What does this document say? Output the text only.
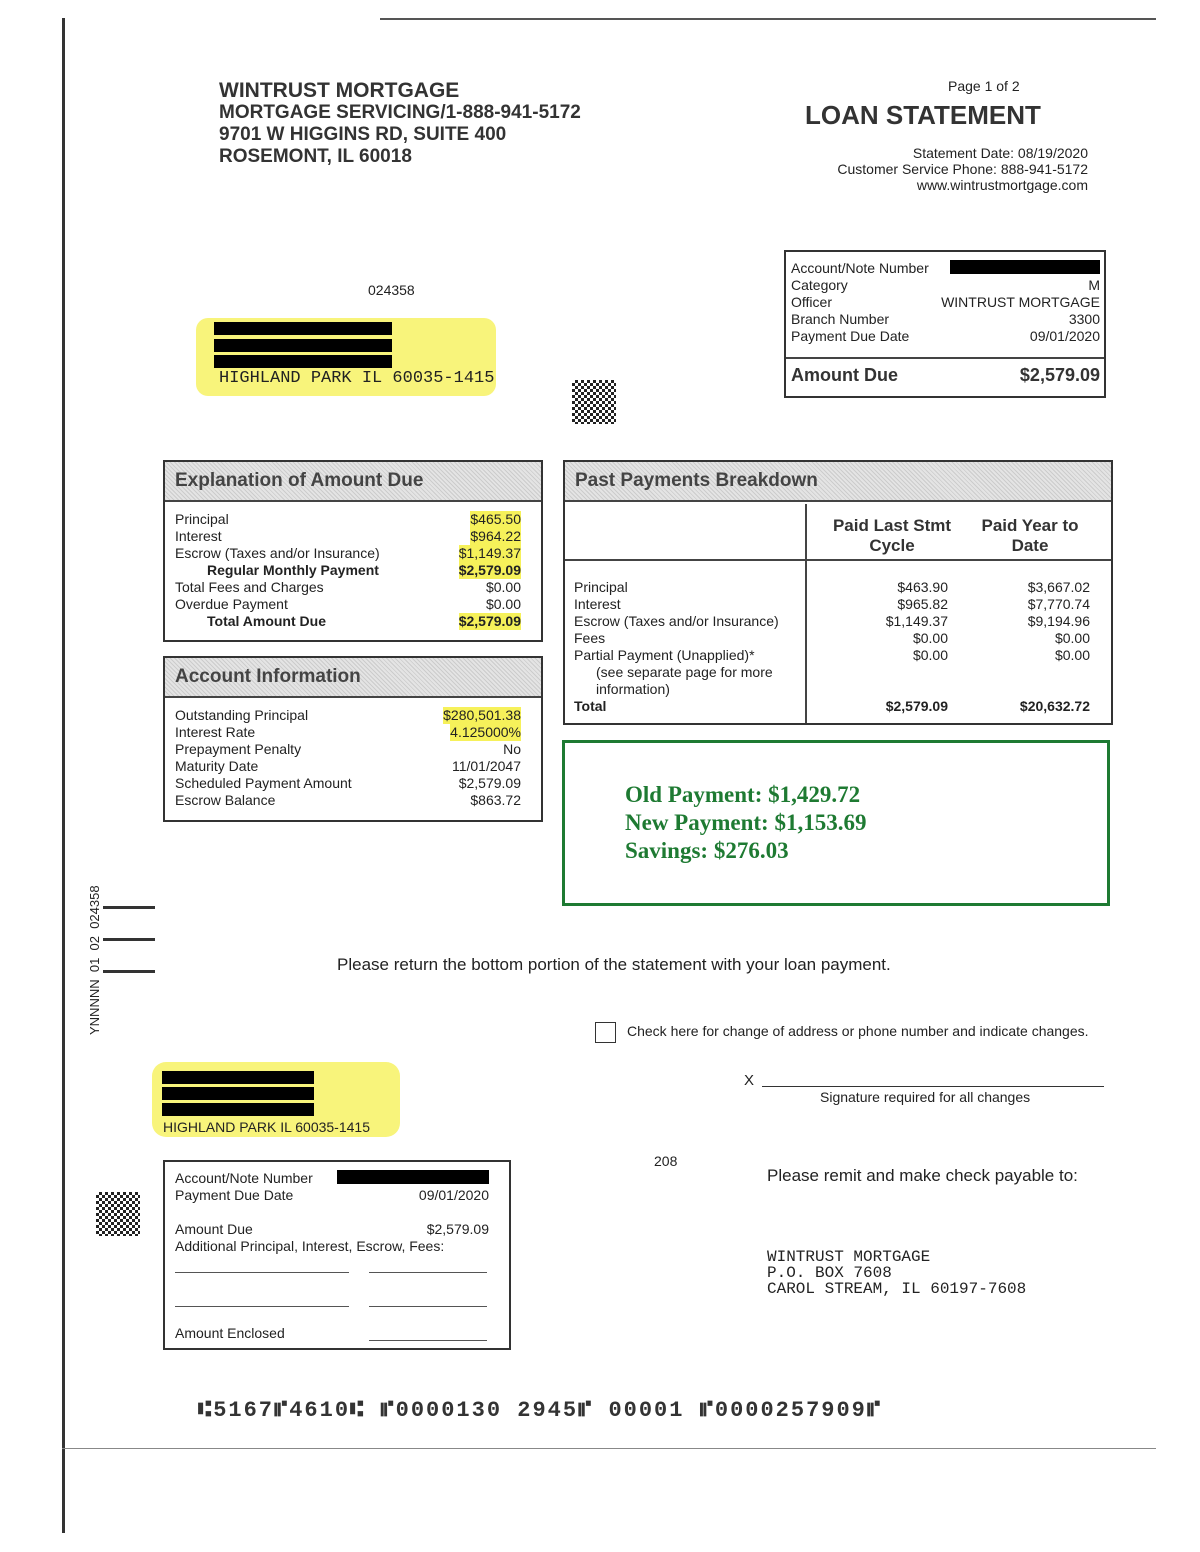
WINTRUST MORTGAGE
MORTGAGE SERVICING/1-888-941-5172
9701 W HIGGINS RD, SUITE 400
ROSEMONT, IL 60018
Page 1 of 2
LOAN STATEMENT
Statement Date: 08/19/2020
Customer Service Phone: 888-941-5172
www.wintrustmortgage.com
024358
HIGHLAND PARK IL 60035-1415
Account/Note Number
Category	M
Officer	WINTRUST MORTGAGE
Branch Number	3300
Payment Due Date	09/01/2020
Amount Due	$2,579.09
Explanation of Amount Due
Principal	$465.50
Interest	$964.22
Escrow (Taxes and/or Insurance)	$1,149.37
Regular Monthly Payment	$2,579.09
Total Fees and Charges	$0.00
Overdue Payment	$0.00
Total Amount Due	$2,579.09
Account Information
Outstanding Principal	$280,501.38
Interest Rate	4.125000%
Prepayment Penalty	No
Maturity Date	11/01/2047
Scheduled Payment Amount	$2,579.09
Escrow Balance	$863.72
Past Payments Breakdown
Paid Last Stmt Cycle
Paid Year to Date
Principal	$463.90	$3,667.02
Interest	$965.82	$7,770.74
Escrow (Taxes and/or Insurance)	$1,149.37	$9,194.96
Fees	$0.00	$0.00
Partial Payment (Unapplied)*	$0.00	$0.00
(see separate page for more information)
Total	$2,579.09	$20,632.72
Old Payment: $1,429.72
New Payment: $1,153.69
Savings: $276.03
YNNNNN  01  02  024358	Please return the bottom portion of the statement with your loan payment.
Check here for change of address or phone number and indicate changes.
X
Signature required for all changes
HIGHLAND PARK IL 60035-1415
208
Please remit and make check payable to:
WINTRUST MORTGAGE
P.O. BOX 7608
CAROL STREAM, IL 60197-7608
Account/Note Number
Payment Due Date	09/01/2020
Amount Due	$2,579.09
Additional Principal, Interest, Escrow, Fees:
Amount Enclosed
⑆5167⑈4610⑆ ⑈0000130 2945⑈ 00001 ⑈0000257909⑈
